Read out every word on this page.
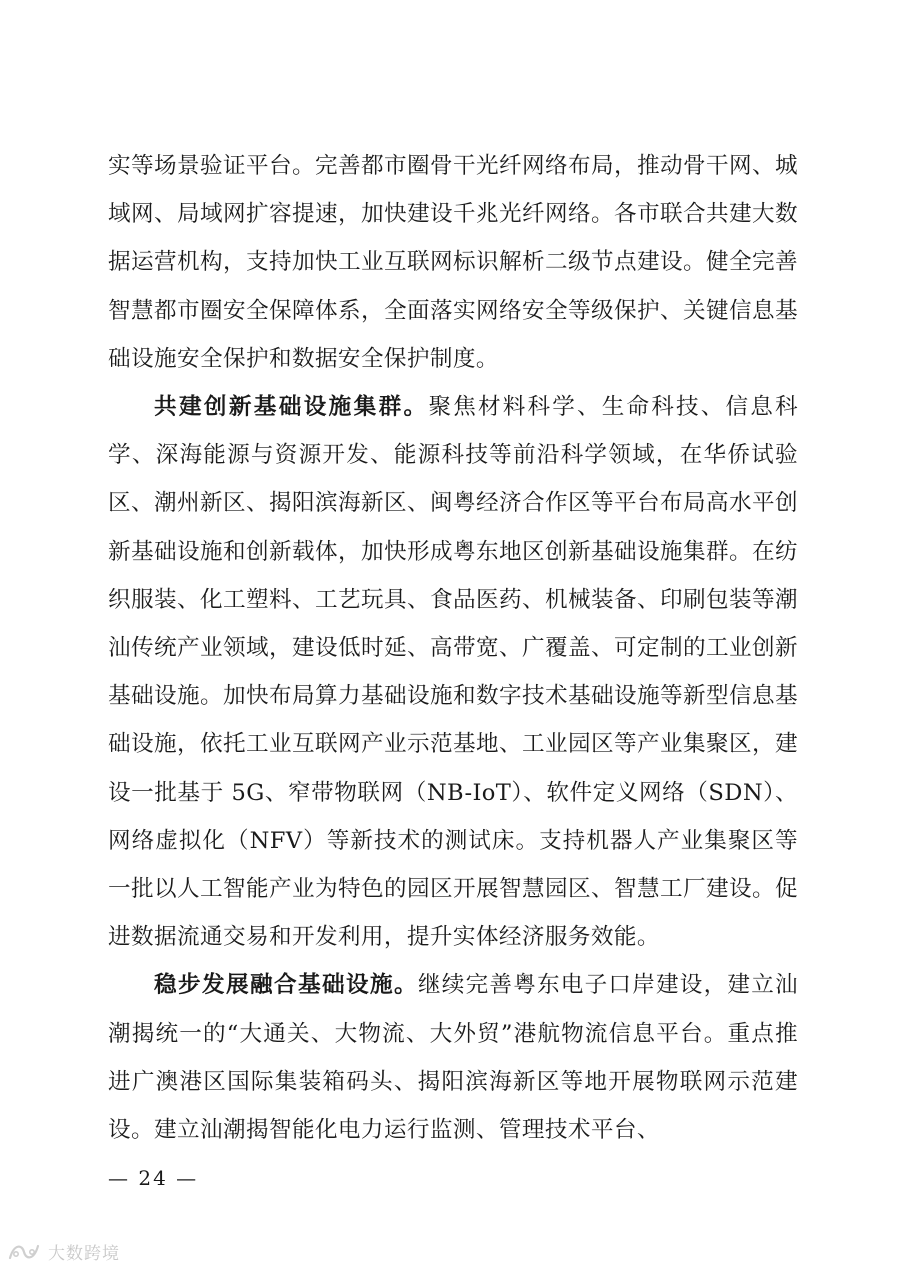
实等场景验证平台。完善都市圈骨干光纤网络布局，推动骨干网、城域网、局域网扩容提速，加快建设千兆光纤网络。各市联合共建大数据运营机构，支持加快工业互联网标识解析二级节点建设。健全完善智慧都市圈安全保障体系，全面落实网络安全等级保护、关键信息基础设施安全保护和数据安全保护制度。

共建创新基础设施集群。聚焦材料科学、生命科技、信息科学、深海能源与资源开发、能源科技等前沿科学领域，在华侨试验区、潮州新区、揭阳滨海新区、闽粤经济合作区等平台布局高水平创新基础设施和创新载体，加快形成粤东地区创新基础设施集群。在纺织服装、化工塑料、工艺玩具、食品医药、机械装备、印刷包装等潮汕传统产业领域，建设低时延、高带宽、广覆盖、可定制的工业创新基础设施。加快布局算力基础设施和数字技术基础设施等新型信息基础设施，依托工业互联网产业示范基地、工业园区等产业集聚区，建设一批基于 5G、窄带物联网（NB-IoT）、软件定义网络（SDN）、网络虚拟化（NFV）等新技术的测试床。支持机器人产业集聚区等一批以人工智能产业为特色的园区开展智慧园区、智慧工厂建设。促进数据流通交易和开发利用，提升实体经济服务效能。

稳步发展融合基础设施。继续完善粤东电子口岸建设，建立汕潮揭统一的“大通关、大物流、大外贸”港航物流信息平台。重点推进广澳港区国际集装箱码头、揭阳滨海新区等地开展物联网示范建设。建立汕潮揭智能化电力运行监测、管理技术平台、

— 24 —
大数跨境
